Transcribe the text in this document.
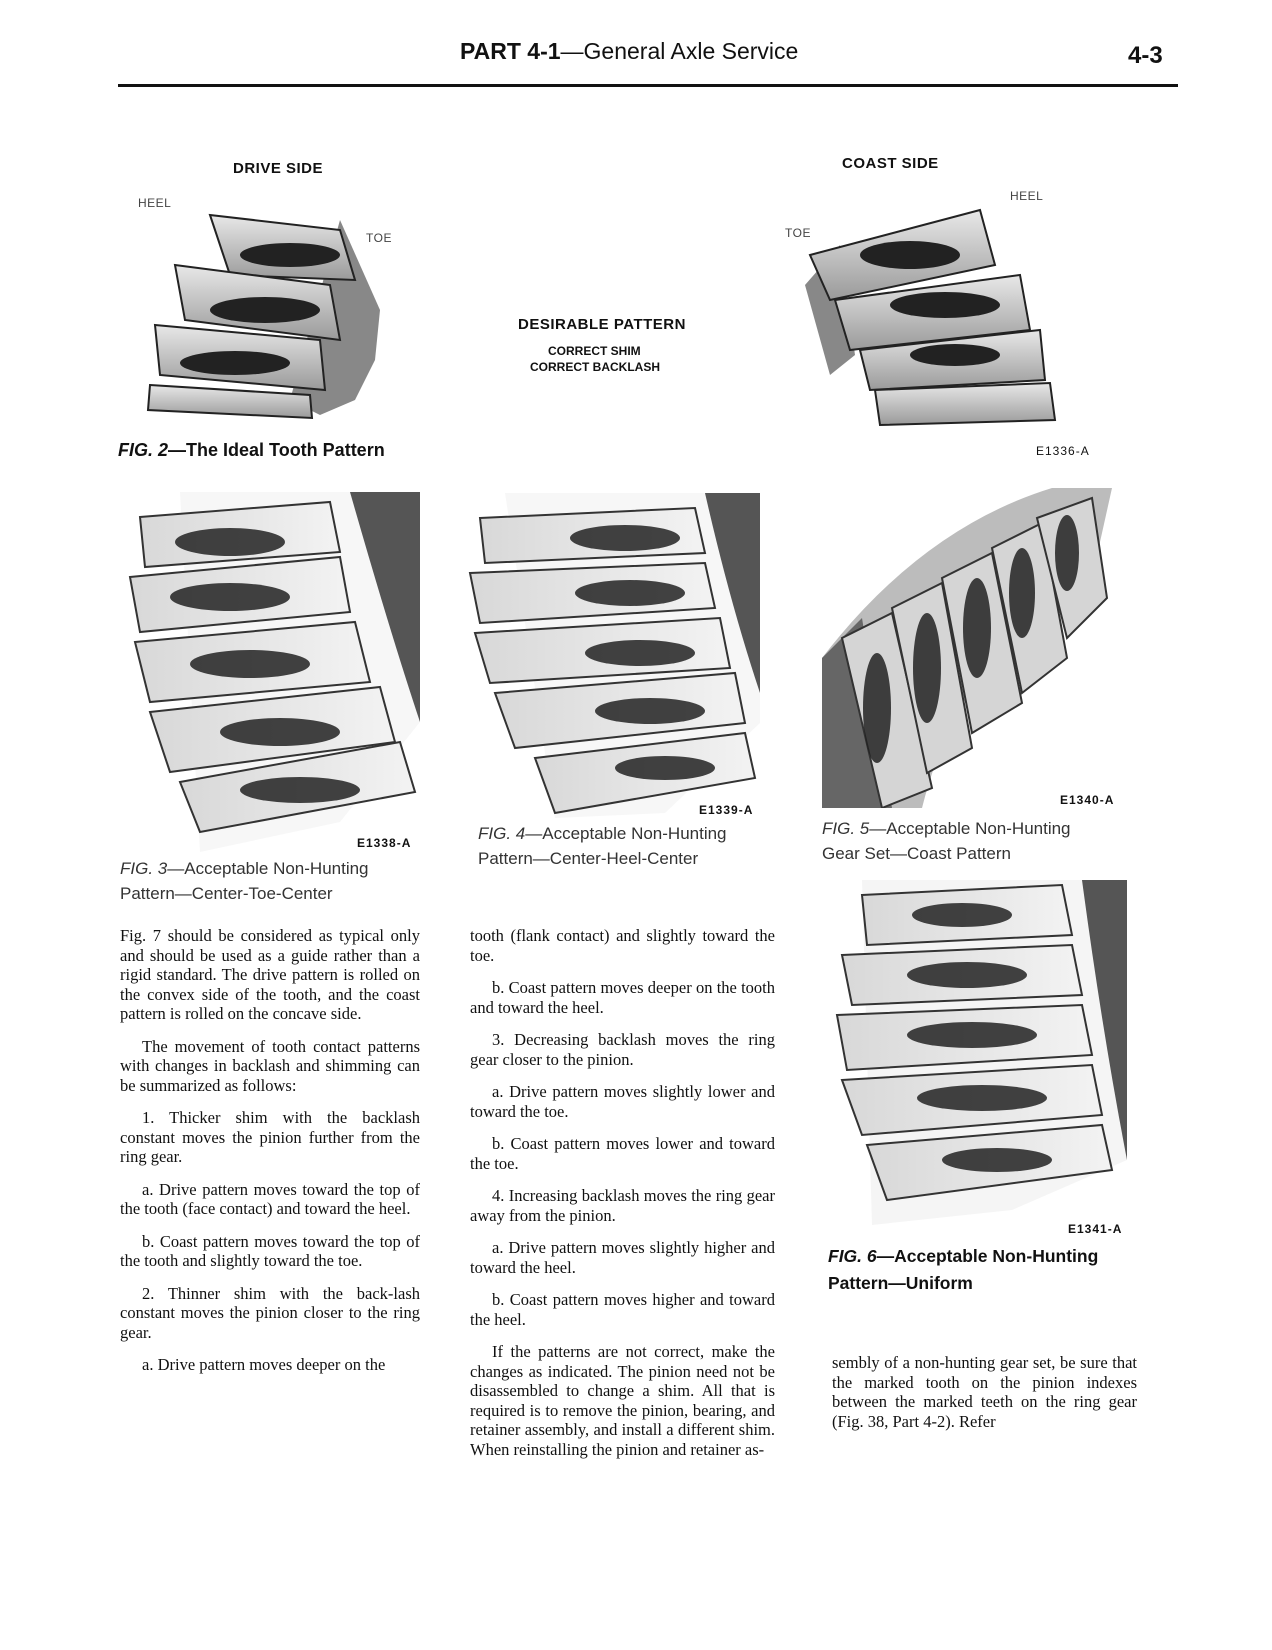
PART 4-1—General Axle Service	4-3
DRIVE SIDE	COAST SIDE
HEEL
TOE
HEEL
TOE
DESIRABLE PATTERN
CORRECT SHIM
CORRECT BACKLASH
FIG. 2—The Ideal Tooth Pattern	E1336-A
E1338-A
FIG. 3—Acceptable Non-Hunting
Pattern—Center-Toe-Center
E1339-A
FIG. 4—Acceptable Non-Hunting
Pattern—Center-Heel-Center
E1340-A
FIG. 5—Acceptable Non-Hunting
Gear Set—Coast Pattern
E1341-A
FIG. 6—Acceptable Non-Hunting
Pattern—Uniform

Fig. 7 should be considered as typical only and should be used as a guide rather than a rigid standard. The drive pattern is rolled on the convex side of the tooth, and the coast pattern is rolled on the concave side.

The movement of tooth contact patterns with changes in backlash and shimming can be summarized as follows:

1. Thicker shim with the backlash constant moves the pinion further from the ring gear.

a. Drive pattern moves toward the top of the tooth (face contact) and toward the heel.

b. Coast pattern moves toward the top of the tooth and slightly toward the toe.

2. Thinner shim with the back-lash constant moves the pinion closer to the ring gear.

a. Drive pattern moves deeper on the

tooth (flank contact) and slightly toward the toe.

b. Coast pattern moves deeper on the tooth and toward the heel.

3. Decreasing backlash moves the ring gear closer to the pinion.

a. Drive pattern moves slightly lower and toward the toe.

b. Coast pattern moves lower and toward the toe.

4. Increasing backlash moves the ring gear away from the pinion.

a. Drive pattern moves slightly higher and toward the heel.

b. Coast pattern moves higher and toward the heel.

If the patterns are not correct, make the changes as indicated. The pinion need not be disassembled to change a shim. All that is required is to remove the pinion, bearing, and retainer assembly, and install a different shim. When reinstalling the pinion and retainer as-

sembly of a non-hunting gear set, be sure that the marked tooth on the pinion indexes between the marked teeth on the ring gear (Fig. 38, Part 4-2). Refer
